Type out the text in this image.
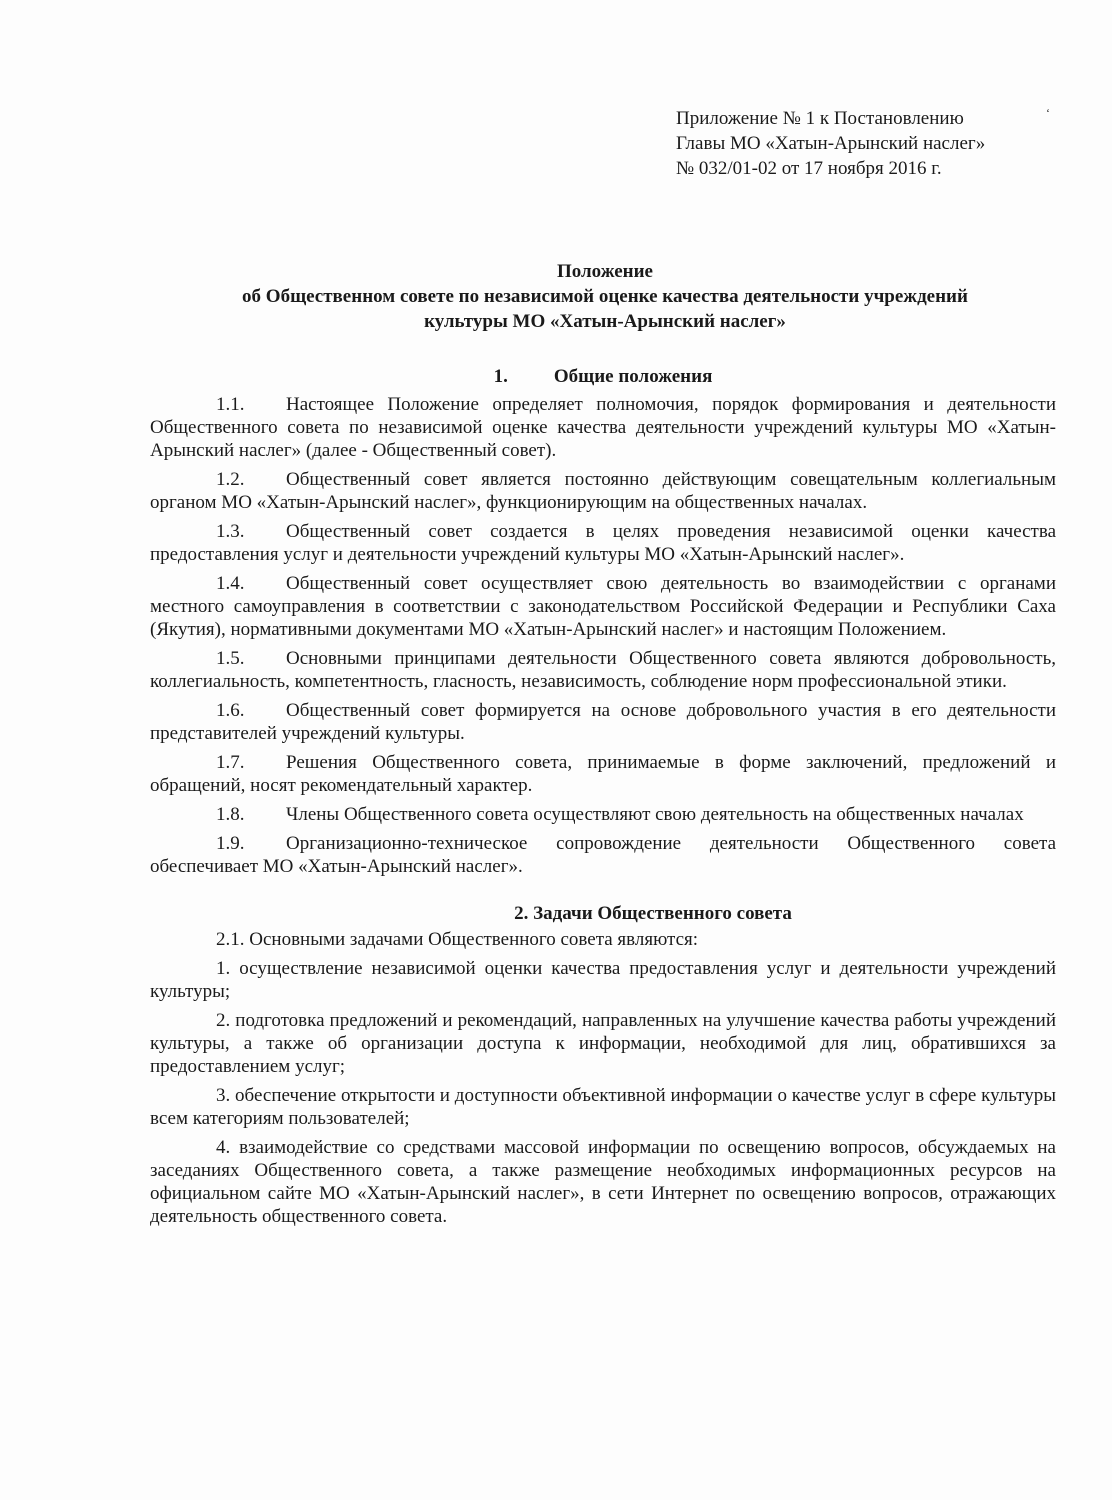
Приложение № 1 к Постановлению
Главы МО «Хатын-Арынский наслег»
№ 032/01-02 от 17 ноября 2016 г.
‘
Положение
об Общественном совете по независимой оценке качества деятельности учреждений
культуры МО «Хатын-Арынский наслег»
1. Общие положения
1.1. Настоящее Положение определяет полномочия, порядок формирования и деятельности Общественного совета по независимой оценке качества деятельности учреждений культуры МО «Хатын-Арынский наслег» (далее - Общественный совет).
1.2. Общественный совет является постоянно действующим совещательным коллегиальным органом МО «Хатын-Арынский наслег», функционирующим на общественных началах.
1.3. Общественный совет создается в целях проведения независимой оценки качества предоставления услуг и деятельности учреждений культуры МО «Хатын-Арынский наслег».
1.4. Общественный совет осуществляет свою деятельность во взаимодействии с органами местного самоуправления в соответствии с законодательством Российской Федерации и Республики Саха (Якутия), нормативными документами МО «Хатын-Арынский наслег» и настоящим Положением.
1.5. Основными принципами деятельности Общественного совета являются добровольность, коллегиальность, компетентность, гласность, независимость, соблюдение норм профессиональной этики.
1.6. Общественный совет формируется на основе добровольного участия в его деятельности представителей учреждений культуры.
1.7. Решения Общественного совета, принимаемые в форме заключений, предложений и обращений, носят рекомендательный характер.
1.8. Члены Общественного совета осуществляют свою деятельность на общественных началах
1.9. Организационно-техническое сопровождение деятельности Общественного совета обеспечивает МО «Хатын-Арынский наслег».
2. Задачи Общественного совета
2.1. Основными задачами Общественного совета являются:
1. осуществление независимой оценки качества предоставления услуг и деятельности учреждений культуры;
2. подготовка предложений и рекомендаций, направленных на улучшение качества работы учреждений культуры, а также об организации доступа к информации, необходимой для лиц, обратившихся за предоставлением услуг;
3. обеспечение открытости и доступности объективной информации о качестве услуг в сфере культуры всем категориям пользователей;
4. взаимодействие со средствами массовой информации по освещению вопросов, обсуждаемых на заседаниях Общественного совета, а также размещение необходимых информационных ресурсов на официальном сайте МО «Хатын-Арынский наслег», в сети Интернет по освещению вопросов, отражающих деятельность общественного совета.
